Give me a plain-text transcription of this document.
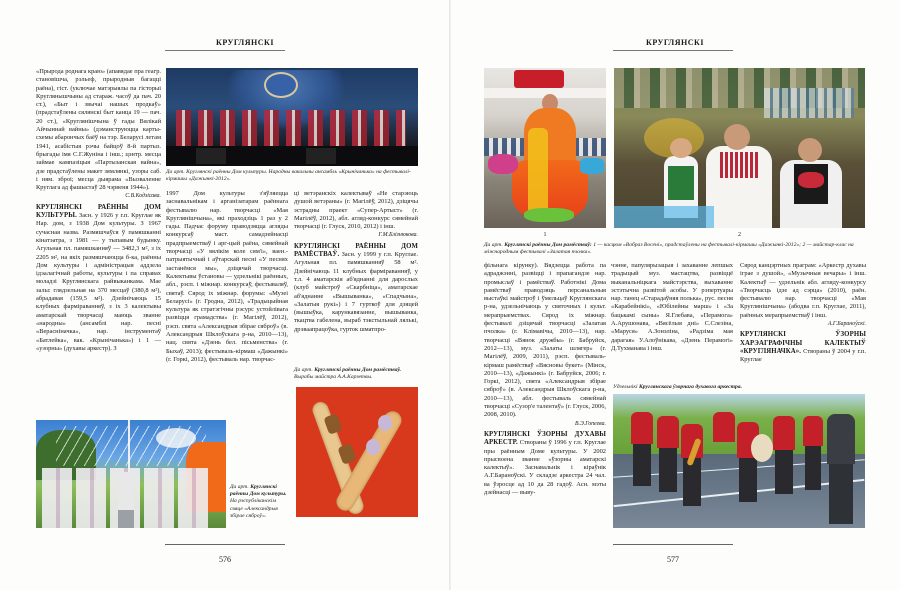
КРУГЛЯНСКІ

«Прырода роднага краю» (апавядае пра геагр. становішча, рэльеф, прыродныя багацці раёна), гіст. (уключае матэрыялы па гісторыі Круглянышчыны ад стараж. часоў да пач. 20 ст.), «Быт і звычаі нашых продкаў» (прадстаўлены сялянскі быт канца 19 — пач. 20 ст.), «Круглянішчына ў гады Вялікай Айчыннай вайны» (дэманструюцца карты-схемы абарончых баёў на тэр. Беларусі летам 1941, асабістыя рэчы байцоў 8-й партыз. брыгады імя С.Г.Жуніна і інш.; цэнтр. месца займае кампазіцыя «Партызанская вайна», дзе прадстаўлены макет зямлянкі, узоры саб. і ням. зброі; месца дыярама «Вызваленне Круглага ад фашыстаў 28 чэрвеня 1944»).

С.В.Кодзісава.

КРУГЛЯНСКІ РАЁННЫ ДОМ КУЛЬТУРЫ. Засн. у 1926 у г.п. Круглае як Нар. дом, з 1938 Дом культуры. З 1967 сучасная назва. Размяшчаўся ў памяшканні кінатэатра, з 1981 — у тыпавым будынку. Агульная пл. памяшканняў — 3482,3 м², з іх 2205 м², на якіх размяшчаюцца б-ка, раённы Дом культуры і адміністрацыя аддзела ідэалагічнай работы, культуры і па справах моладзі Круглянскага райвыканкама. Мае залы: глядзельная на 370 месцаў (380,8 м²), абрадавая (159,5 м²). Дзейнічаюць 15 клубных фарміраванняў, з іх 3 калектывы аматарскай творчасці маюць званне «народны» (ансамблі нар. песні «Верасніначка», нар. інструментаў «Батлейка», вак. «Крынічанька») і 1 — «узорны» (духавы аркестр). З

Да арт. Круглянскі раённы Дом культуры. Народны вакальны ансамбль «Крынічанька» на фестывалі-кірмашы «Дажынкі-2012».

1997 Дом культуры з'яўляецца заснавальнікам і арганізатарам раённага фестывалю нар. творчасці «Мая Круглянішчына», які праходзіць 1 раз у 2 гады. Падчас форуму праводзяцца агляды конкурсаў маст. самадзейнасці прадпрыемстваў і арг-цый раёна, сямейнай творчасці «У вялікім коле сям'і», ваен.-патрыятычнай і аўтарскай песні «У песнях застанёмся мы», дзіцячай творчасці. Калектывы ўстановы — удзельнікі раённых, абл., рэсп. і міжнар. конкурсаў, фестываляў, святаў. Сярод іх міжнар. форумы: «Музеі Беларусі» (г. Гродна, 2012), «Традыцыйная культура як стратэгічны рэсурс устойлівага развіцця грамадства» (г. Магілёў, 2012), рэсп. свята «Александрыя збірае сяброў» (в. Александрыя Шклоўскага р-на, 2010—13), нац. свята «Дзень бел. пісьменства» (г. Быхаў, 2013); фестываль-кірмаш «Дажынкі» (г. Горкі, 2012), фестываль нар. творчас-

ці ветэранскіх калектываў «Не старэюць душой ветэраны» (г. Магілёў, 2012), дзіцячы эстрадны праект «Супер-Артыст» (г. Магілёў, 2012), абл. агляд-конкурс сямейнай творчасці (г. Глуск, 2010, 2012) і інш.

Г.М.Блізнюкова.

КРУГЛЯНСКІ РАЁННЫ ДОМ РАМЁСТВАЎ. Засн. у 1999 у г.п. Круглае. Агульная пл. памяшканняў 58 м². Дзейнічаюць 11 клубных фарміраванняў, у т.л. 4 аматарскія аб'яднанні для дарослых (клуб майстроў «Скарбніца», аматарскае аб'яднанне «Вышыванка», «Спадчына», «Залатыя рукі») і 7 гурткоў для дзяцей (вышыўка, карункавязанне, вышыванка, ткацтва габелена, выраб тэкстыльнай лялькі, дрэваапрацоўка, гурток шматпро-

Да арт. Круглянскі раённы Дом рамёстваў. Вырабы майстра А.А.Карзетвы.
Да арт. Круглянскі раённы Дом культуры. На рэспубліканскім свяце «Александрыя збірае сяброў».
576
КРУГЛЯНСКІ
1	2
Да арт. Круглянскі раённы Дом рамёстваў: 1 — касцюм «Вобраз Восені», прадстаўлены на фестывалі-кірмашы «Дажынкі-2012»; 2 — майстар-клас на міжнародным фестывалі «Залатая пчолка».

фільнага кірунку). Вядзецца работа па адраджэнні, развіцці і прапагандзе нар. промыслаў і рамёстваў. Работнікі Дома рамёстваў праводзяць персанальныя выстаўкі майстроў і ўмельцаў Круглянскага р-на, удзельнічаюць у святочных і культ. мерапрыемствах. Сярод іх міжнар. фестывалі дзіцячай творчасці «Залатая пчолка» (г. Клімавічы, 2010—13), нар. творчасці «Вянок дружбы» (г. Бабруйск, 2012—13), муз. «Залаты шлягер» (г. Магілёў, 2009, 2011), рэсп. фестываль-кірмаш рамёстваў «Вясновы букет» (Мінск, 2010—13), «Дажынкі» (г. Бабруйск, 2006; г. Горкі, 2012), свята «Александрыя збірае сяброў» (в. Александрыя Шклоўскага р-на, 2010—13), абл. фестываль сямейнай творчасці «Сузор'е талентаў» (г. Глуск, 2006, 2008, 2010).

В.Э.Гопеева.

КРУГЛЯНСКІ ЎЗОРНЫ ДУХАВЫ АРКЕСТР. Створаны ў 1996 у г.п. Круглае пры раённым Доме культуры. У 2002 прысвоена званне «ўзорны аматарскі калектыў». Заснавальнік і кіраўнік А.Г.Бараноўскі. У складзе аркестра 24 чал. ва ўзросце ад 10 да 28 гадоў. Асн. мэты дзейнасці — выву-

чэнне, папулярызацыя і захаванне лепшых традыцый муз. мастацтва, развіццё выканальніцкага майстэрства, выхаванне эстэтычна развітой асобы. У рэпертуары нар. танец «Старадаўняя полька», рус. песня «Карабейнікі», «Юбілейны марш» і «За бацькамі сыны» Я.Глебава, «Перамога» А.Арушонава, «Вясёлыя дні» С.Слезіна, «Маруся» А.Зонэліна, «Радзіма мая дарагая» У.Алоўнікава, «Дзень Перамогі» Д.Тухманава і інш.

Сярод канцэртных праграм: «Аркестр духавы іграе з душой», «Музычныя вечары» і інш. Калектыў — удзельнік абл. агляду-конкурсу «Творчасць ідзе ад сэрца» (2010), раён. фестывалю нар. творчасці «Мая Круглянішчына» (абодва г.п. Круглае, 2011), раённых мерапрыемстваў і інш.

А.Г.Бараноўскі.

КРУГЛЯНСКІ ЎЗОРНЫ ХАРЭАГРАФІЧНЫ КАЛЕКТЫЎ «КРУГЛЯНАЧКА». Створаны ў 2004 у г.п. Круглае

Удзельнікі Круглянскага ўзорнага духавога аркестра.
577
